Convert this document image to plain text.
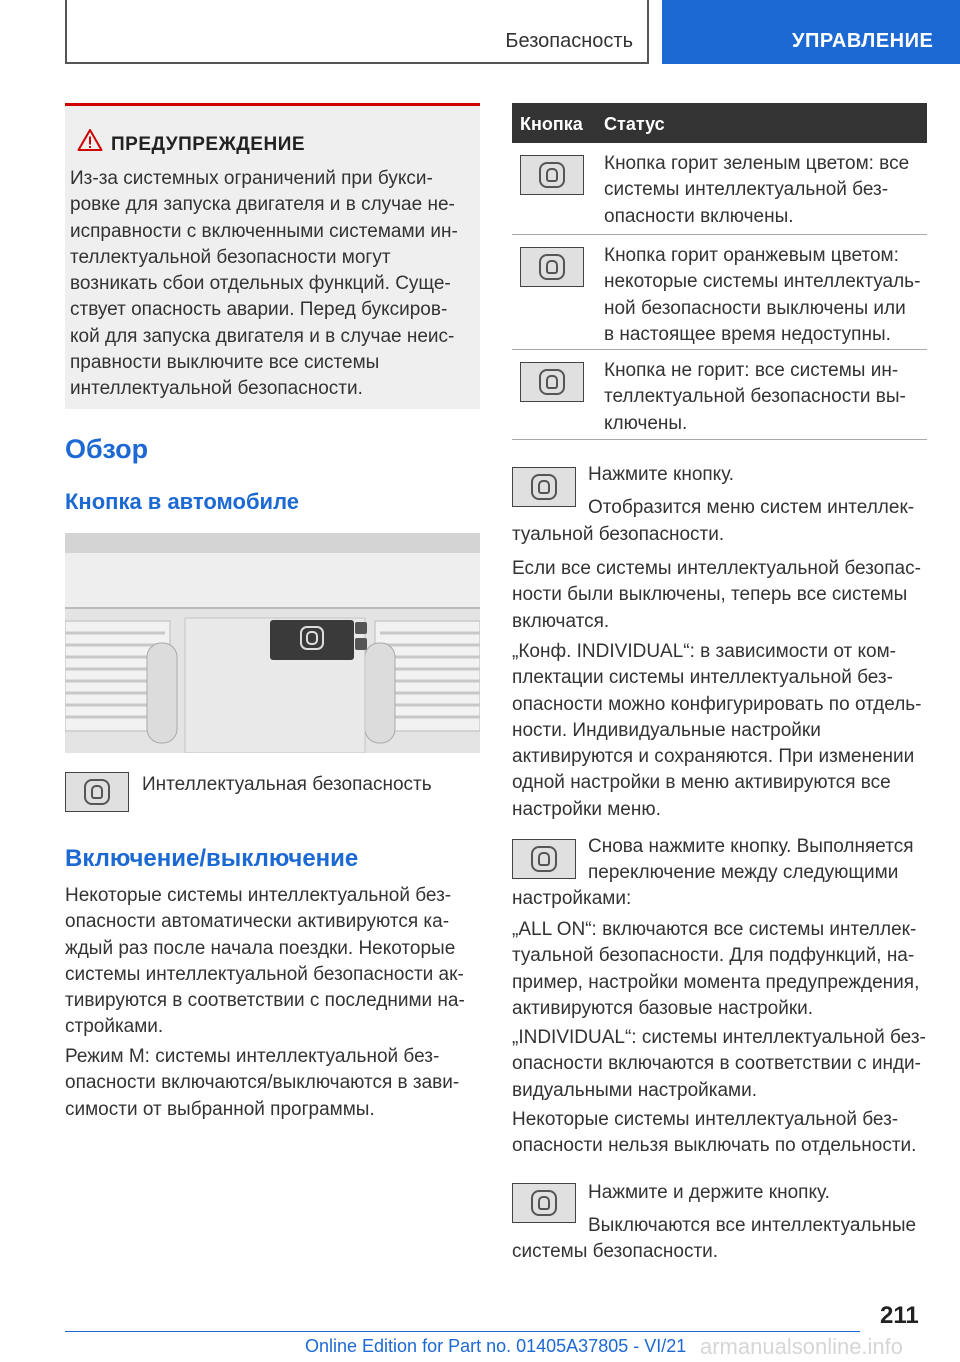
Безопасность	УПРАВЛЕНИЕ
ПРЕДУПРЕЖДЕНИЕ
Из-за системных ограничений при букси-
ровке для запуска двигателя и в случае не-
исправности с включенными системами ин-
теллектуальной безопасности могут
возникать сбои отдельных функций. Суще-
ствует опасность аварии. Перед буксиров-
кой для запуска двигателя и в случае неис-
правности выключите все системы
интеллектуальной безопасности.
Обзор
Кнопка в автомобиле
Интеллектуальная безопасность
Включение/выключение
Некоторые системы интеллектуальной без-
опасности автоматически активируются ка-
ждый раз после начала поездки. Некоторые
системы интеллектуальной безопасности ак-
тивируются в соответствии с последними на-
стройками.
Режим M: системы интеллектуальной без-
опасности включаются/выключаются в зави-
симости от выбранной программы.
Кнопка Статус
Кнопка горит зеленым цветом: все
системы интеллектуальной без-
опасности включены.
Кнопка горит оранжевым цветом:
некоторые системы интеллектуаль-
ной безопасности выключены или
в настоящее время недоступны.
Кнопка не горит: все системы ин-
теллектуальной безопасности вы-
ключены.
Нажмите кнопку.
Отобразится меню систем интеллек-
туальной безопасности.
Если все системы интеллектуальной безопас-
ности были выключены, теперь все системы
включатся.
„Конф. INDIVIDUAL“: в зависимости от ком-
плектации системы интеллектуальной без-
опасности можно конфигурировать по отдель-
ности. Индивидуальные настройки
активируются и сохраняются. При изменении
одной настройки в меню активируются все
настройки меню.
Снова нажмите кнопку. Выполняется
переключение между следующими
настройками:
„ALL ON“: включаются все системы интеллек-
туальной безопасности. Для подфункций, на-
пример, настройки момента предупреждения,
активируются базовые настройки.
„INDIVIDUAL“: системы интеллектуальной без-
опасности включаются в соответствии с инди-
видуальными настройками.
Некоторые системы интеллектуальной без-
опасности нельзя выключать по отдельности.
Нажмите и держите кнопку.
Выключаются все интеллектуальные
системы безопасности.
211
armanualsonline.info
Online Edition for Part no. 01405A37805 - VI/21
